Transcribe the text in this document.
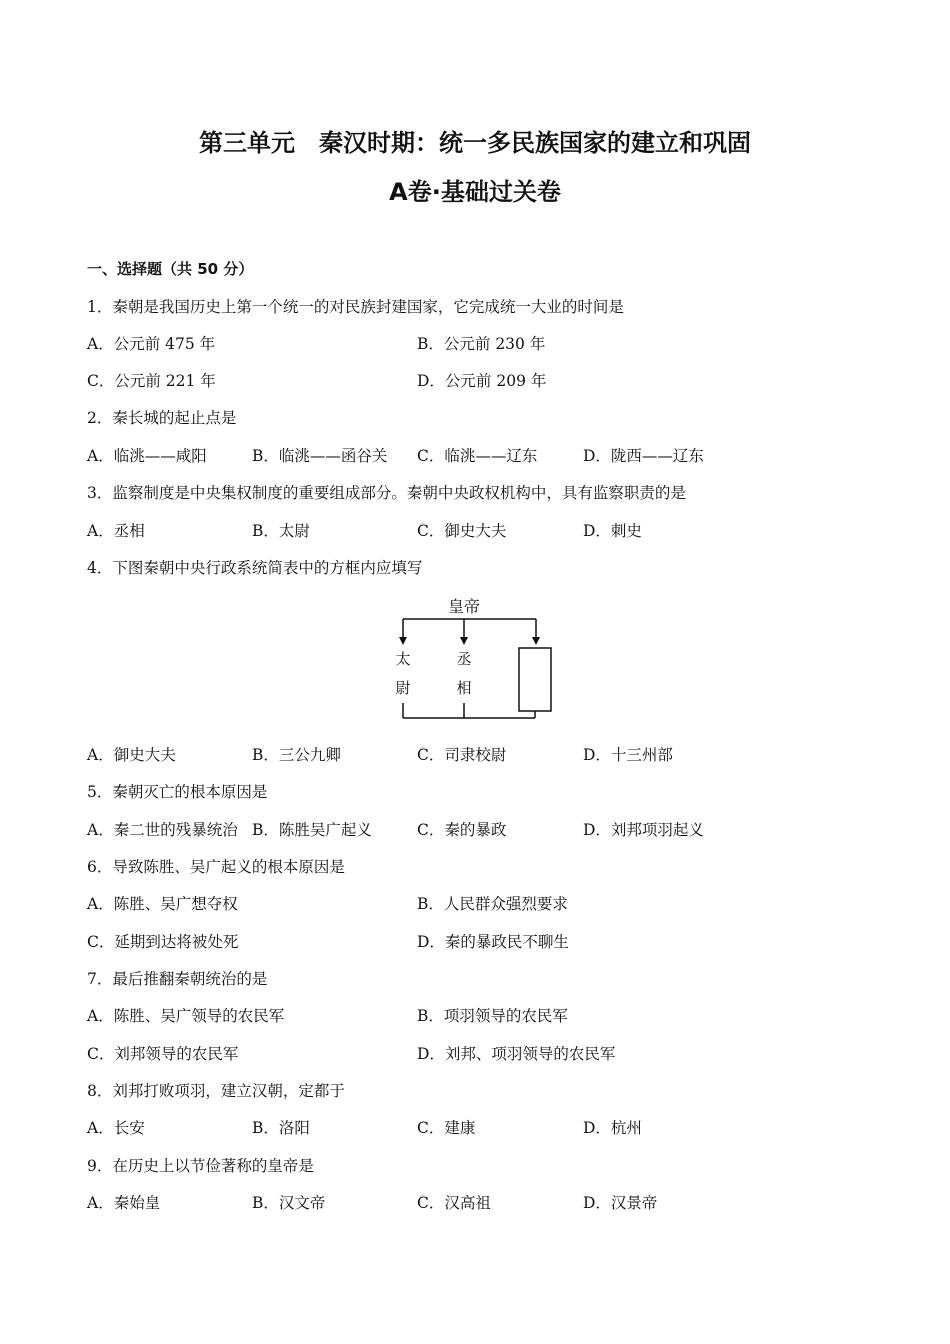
第三单元　秦汉时期：统一多民族国家的建立和巩固
A卷·基础过关卷
一、选择题（共 50 分）
1．秦朝是我国历史上第一个统一的对民族封建国家，它完成统一大业的时间是
A．公元前 475 年	B．公元前 230 年
C．公元前 221 年	D．公元前 209 年
2．秦长城的起止点是
A．临洮——咸阳	B．临洮——函谷关 C．临洮——辽东	D．陇西——辽东
3．监察制度是中央集权制度的重要组成部分。秦朝中央政权机构中，具有监察职责的是
A．丞相	B．太尉	C．御史大夫	D．刺史
4．下图秦朝中央行政系统简表中的方框内应填写
皇帝
太
尉
丞
相
A．御史大夫	B．三公九卿	C．司隶校尉	D．十三州部
5．秦朝灭亡的根本原因是
A．秦二世的残暴统治 B．陈胜吴广起义	C．秦的暴政	D．刘邦项羽起义
6．导致陈胜、吴广起义的根本原因是
A．陈胜、吴广想夺权	B．人民群众强烈要求
C．延期到达将被处死	D．秦的暴政民不聊生
7．最后推翻秦朝统治的是
A．陈胜、吴广领导的农民军	B．项羽领导的农民军
C．刘邦领导的农民军	D．刘邦、项羽领导的农民军
8．刘邦打败项羽，建立汉朝，定都于
A．长安	B．洛阳	C．建康	D．杭州
9．在历史上以节俭著称的皇帝是
A．秦始皇	B．汉文帝	C．汉高祖	D．汉景帝
